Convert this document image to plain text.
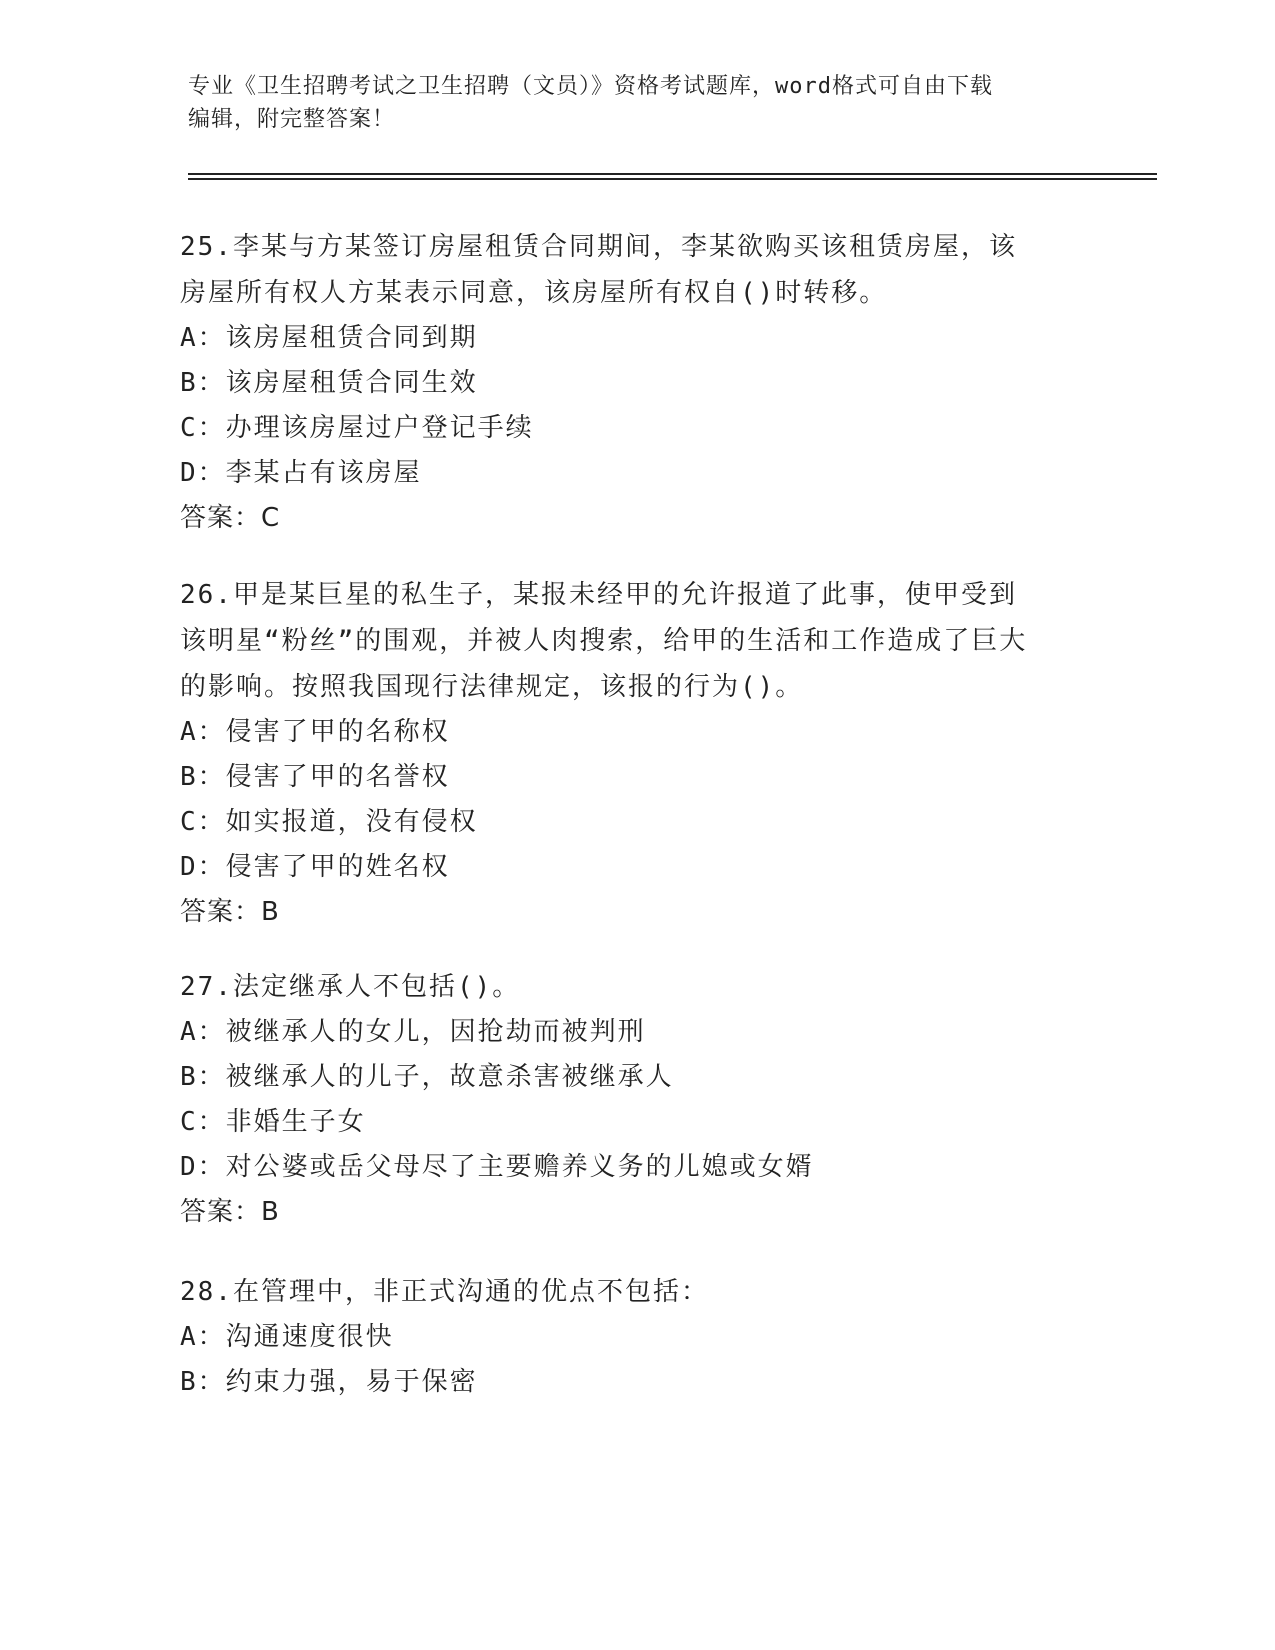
专业《卫生招聘考试之卫生招聘（文员）》资格考试题库，word格式可自由下载
编辑，附完整答案！

25.李某与方某签订房屋租赁合同期间，李某欲购买该租赁房屋，该房屋所有权人方某表示同意，该房屋所有权自()时转移。

A：该房屋租赁合同到期

B：该房屋租赁合同生效

C：办理该房屋过户登记手续

D：李某占有该房屋

答案：C

26.甲是某巨星的私生子，某报未经甲的允许报道了此事，使甲受到该明星“粉丝”的围观，并被人肉搜索，给甲的生活和工作造成了巨大的影响。按照我国现行法律规定，该报的行为()。

A：侵害了甲的名称权

B：侵害了甲的名誉权

C：如实报道，没有侵权

D：侵害了甲的姓名权

答案：B

27.法定继承人不包括()。

A：被继承人的女儿，因抢劫而被判刑

B：被继承人的儿子，故意杀害被继承人

C：非婚生子女

D：对公婆或岳父母尽了主要赡养义务的儿媳或女婿

答案：B

28.在管理中，非正式沟通的优点不包括：

A：沟通速度很快

B：约束力强，易于保密
